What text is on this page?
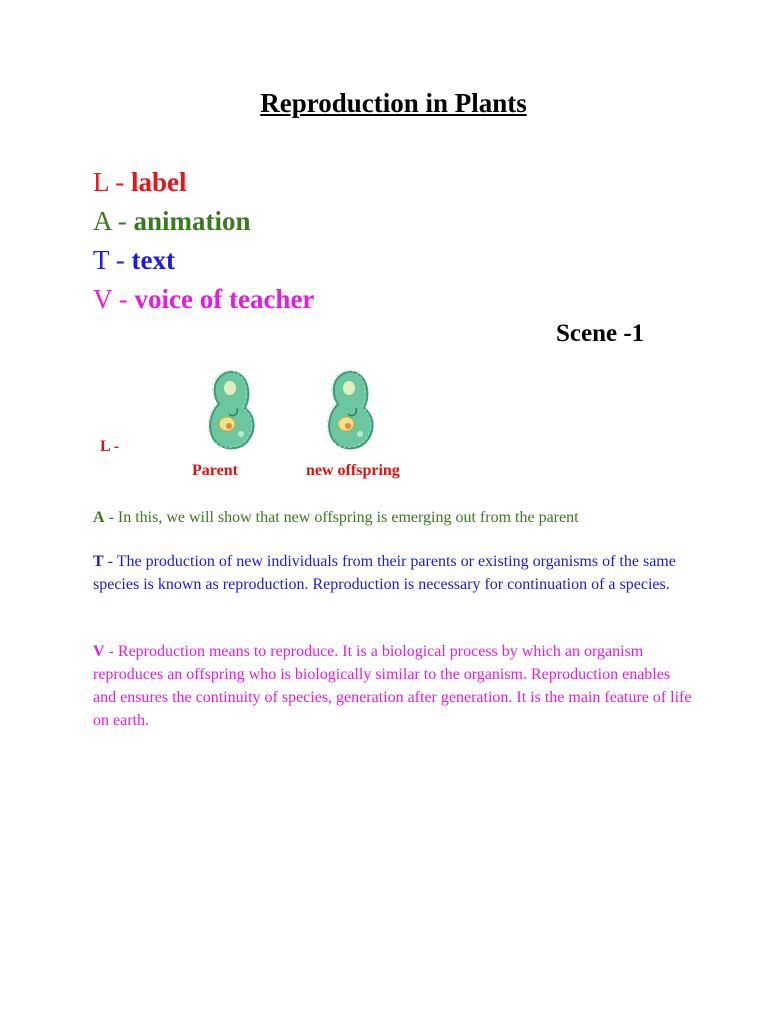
Reproduction in Plants
L - label
A - animation
T - text
V - voice of teacher
Scene -1
L -
Parent	new offspring

A - In this, we will show that new offspring is emerging out from the parent

T - The production of new individuals from their parents or existing organisms of the same species is known as reproduction. Reproduction is necessary for continuation of a species.

V - Reproduction means to reproduce. It is a biological process by which an organism reproduces an offspring who is biologically similar to the organism. Reproduction enables and ensures the continuity of species, generation after generation. It is the main feature of life on earth.
